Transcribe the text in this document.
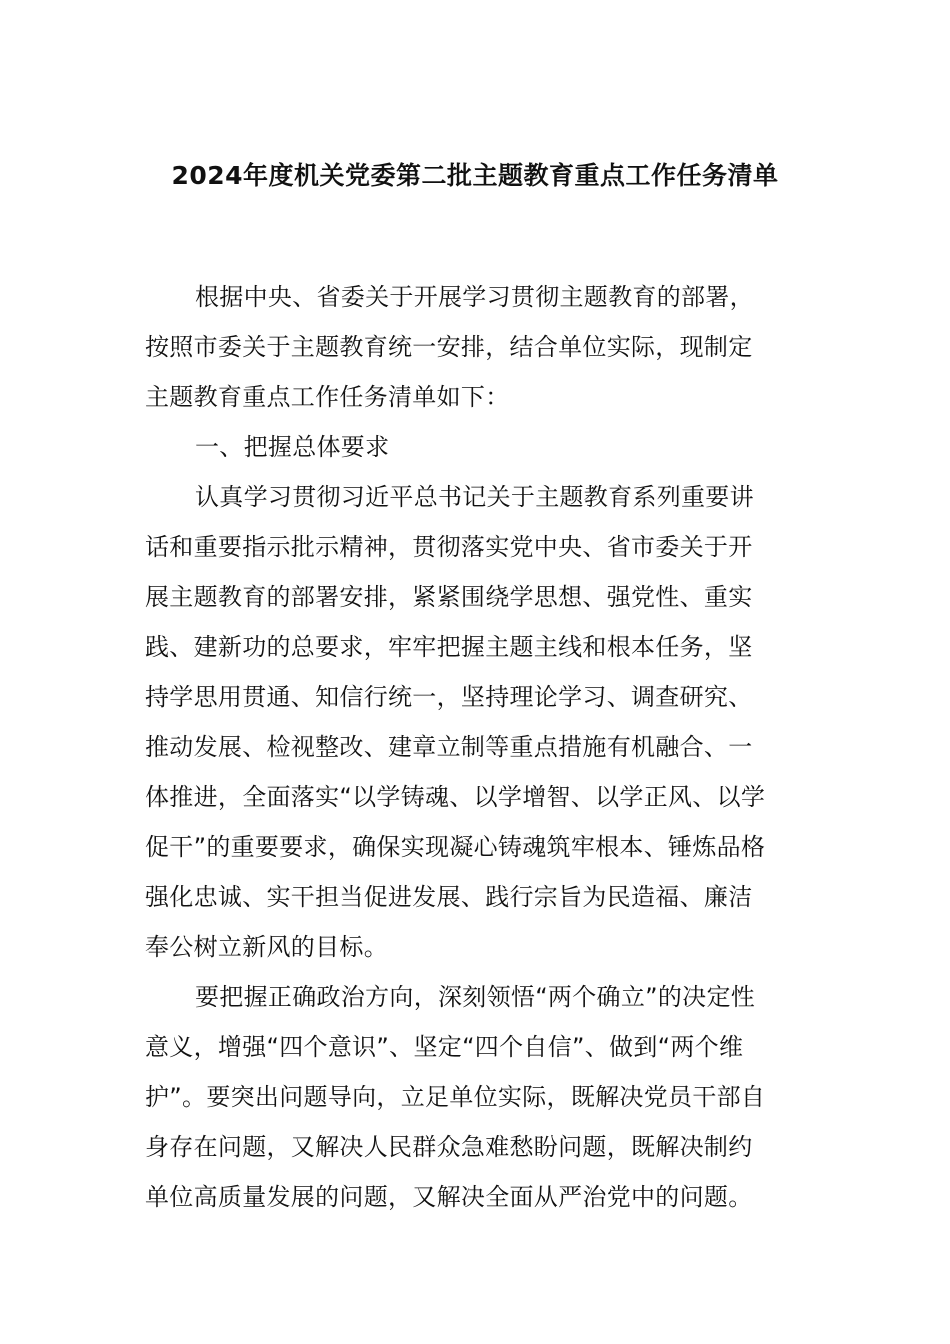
2024年度机关党委第二批主题教育重点工作任务清单
根据中央、省委关于开展学习贯彻主题教育的部署，
按照市委关于主题教育统一安排，结合单位实际，现制定
主题教育重点工作任务清单如下：
一、把握总体要求
认真学习贯彻习近平总书记关于主题教育系列重要讲
话和重要指示批示精神，贯彻落实党中央、省市委关于开
展主题教育的部署安排，紧紧围绕学思想、强党性、重实
践、建新功的总要求，牢牢把握主题主线和根本任务，坚
持学思用贯通、知信行统一，坚持理论学习、调查研究、
推动发展、检视整改、建章立制等重点措施有机融合、一
体推进，全面落实“以学铸魂、以学增智、以学正风、以学
促干”的重要要求，确保实现凝心铸魂筑牢根本、锤炼品格
强化忠诚、实干担当促进发展、践行宗旨为民造福、廉洁
奉公树立新风的目标。
要把握正确政治方向，深刻领悟“两个确立”的决定性
意义，增强“四个意识”、坚定“四个自信”、做到“两个维
护”。要突出问题导向，立足单位实际，既解决党员干部自
身存在问题，又解决人民群众急难愁盼问题，既解决制约
单位高质量发展的问题，又解决全面从严治党中的问题。
